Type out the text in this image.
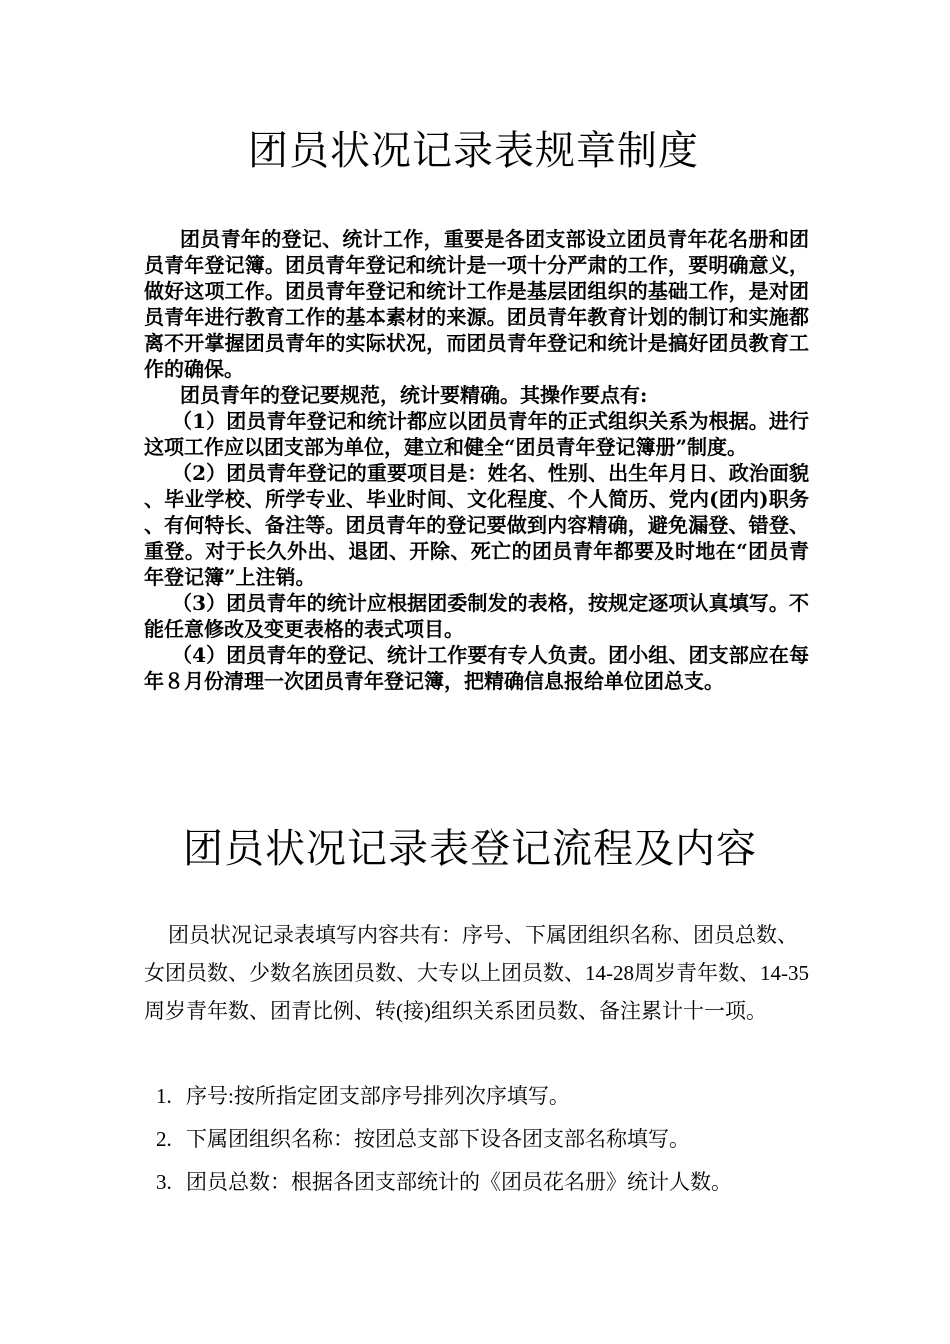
团员状况记录表规章制度

团员青年的登记、统计工作，重要是各团支部设立团员青年花名册和团员青年登记簿。团员青年登记和统计是一项十分严肃的工作，要明确意义，做好这项工作。团员青年登记和统计工作是基层团组织的基础工作，是对团员青年进行教育工作的基本素材的来源。团员青年教育计划的制订和实施都离不开掌握团员青年的实际状况，而团员青年登记和统计是搞好团员教育工作的确保。

团员青年的登记要规范，统计要精确。其操作要点有:

（1）团员青年登记和统计都应以团员青年的正式组织关系为根据。进行这项工作应以团支部为单位，建立和健全“团员青年登记簿册”制度。

（2）团员青年登记的重要项目是：姓名、性别、出生年月日、政治面貌、毕业学校、所学专业、毕业时间、文化程度、个人简历、党内(团内)职务、有何特长、备注等。团员青年的登记要做到内容精确，避免漏登、错登、重登。对于长久外出、退团、开除、死亡的团员青年都要及时地在“团员青年登记簿”上注销。

（3）团员青年的统计应根据团委制发的表格，按规定逐项认真填写。不能任意修改及变更表格的表式项目。

（4）团员青年的登记、统计工作要有专人负责。团小组、团支部应在每年８月份清理一次团员青年登记簿，把精确信息报给单位团总支。

团员状况记录表登记流程及内容

团员状况记录表填写内容共有：序号、下属团组织名称、团员总数、女团员数、少数名族团员数、大专以上团员数、14-28周岁青年数、14-35周岁青年数、团青比例、转(接)组织关系团员数、备注累计十一项。

1. 序号:按所指定团支部序号排列次序填写。
2. 下属团组织名称：按团总支部下设各团支部名称填写。
3. 团员总数：根据各团支部统计的《团员花名册》统计人数。
